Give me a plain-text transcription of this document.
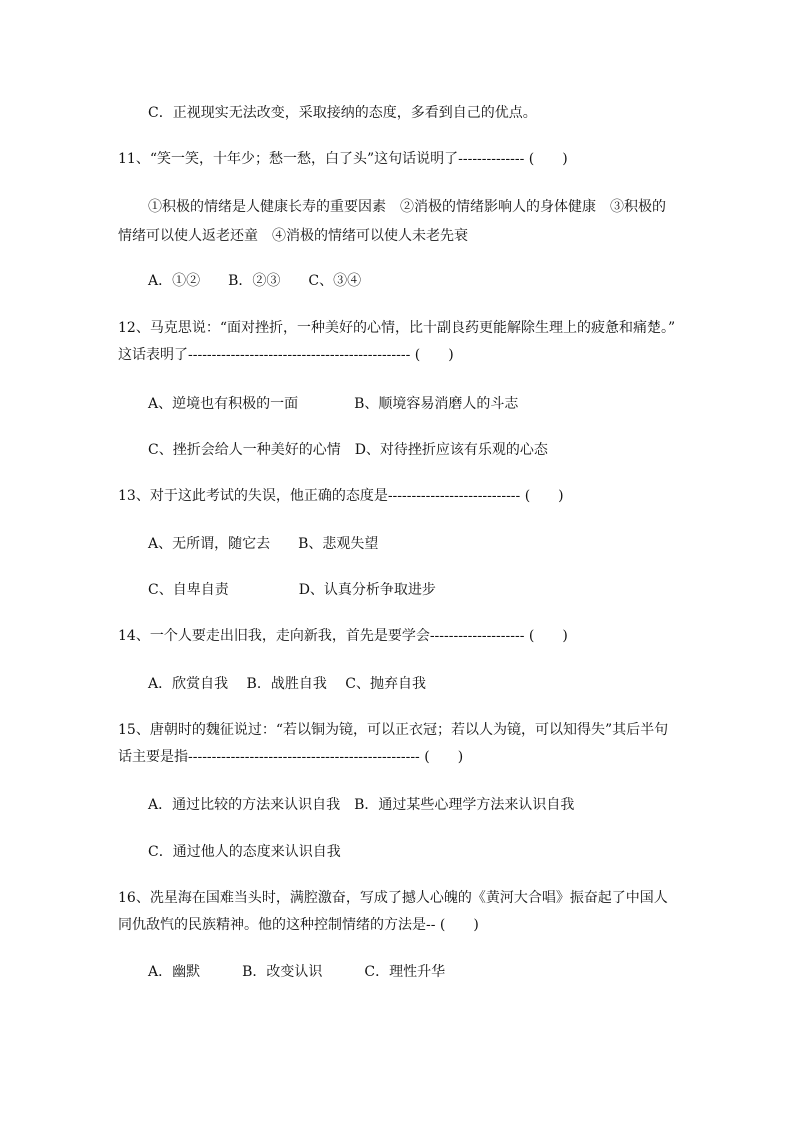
C．正视现实无法改变，采取接纳的态度，多看到自己的优点。
11、“笑一笑，十年少；愁一愁，白了头”这句话说明了-------------- (　　)
①积极的情绪是人健康长寿的重要因素　②消极的情绪影响人的身体健康　③积极的
情绪可以使人返老还童　④消极的情绪可以使人未老先衰
A．①②　　B．②③　　C、③④
12、马克思说：“面对挫折，一种美好的心情，比十副良药更能解除生理上的疲惫和痛楚。”
这话表明了----------------------------------------------- (　　)
A、逆境也有积极的一面　　　　B、顺境容易消磨人的斗志
C、挫折会给人一种美好的心情　D、对待挫折应该有乐观的心态
13、对于这此考试的失误，他正确的态度是---------------------------- (　　)
A、无所谓，随它去　　B、悲观失望
C、自卑自责　　　　　D、认真分析争取进步
14、一个人要走出旧我，走向新我，首先是要学会-------------------- (　　)
A．欣赏自我　 B．战胜自我　 C、抛弃自我
15、唐朝时的魏征说过：“若以铜为镜，可以正衣冠；若以人为镜，可以知得失”其后半句
话主要是指------------------------------------------------- (　　)
A．通过比较的方法来认识自我　B．通过某些心理学方法来认识自我
C．通过他人的态度来认识自我
16、冼星海在国难当头时，满腔激奋，写成了撼人心魄的《黄河大合唱》振奋起了中国人
同仇敌忾的民族精神。他的这种控制情绪的方法是-- (　　)
A．幽默　　　B．改变认识　　　C．理性升华
